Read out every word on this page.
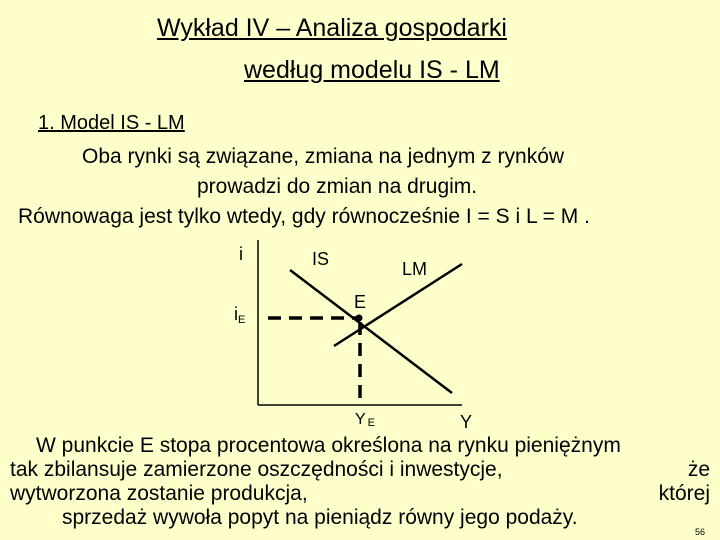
Wykład IV – Analiza gospodarki
według modelu IS - LM
1. Model IS - LM
Oba rynki są związane, zmiana na jednym z rynków
prowadzi do zmian na drugim.
Równowaga jest tylko wtedy, gdy równocześnie I = S i L = M .
i
Y
IS	LM
E
iE
Y E
W punkcie E stopa procentowa określona na rynku pieniężnym
tak zbilansuje zamierzone oszczędności i inwestycje,	że
wytworzona zostanie produkcja,	której
sprzedaż wywoła popyt na pieniądz równy jego podaży.
56
